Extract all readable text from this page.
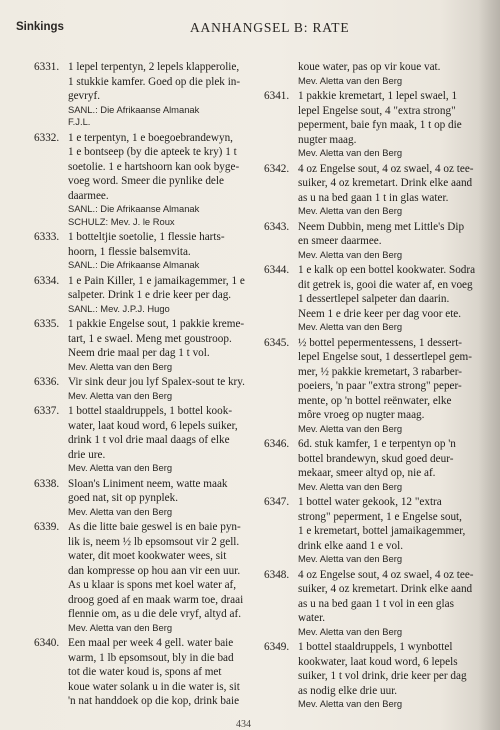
Sinkings	AANHANGSEL B: RATE
6331. 1 lepel terpentyn, 2 lepels klapperolie,
1 stukkie kamfer. Goed op die plek in-
gevryf.
SANL.: Die Afrikaanse Almanak
F.J.L.
6332. 1 e terpentyn, 1 e boegoebrandewyn,
1 e bontseep (by die apteek te kry) 1 t
soetolie. 1 e hartshoorn kan ook byge-
voeg word. Smeer die pynlike dele
daarmee.
SANL.: Die Afrikaanse Almanak
SCHULZ: Mev. J. le Roux
6333. 1 botteltjie soetolie, 1 flessie harts-
hoorn, 1 flessie balsemvita.
SANL.: Die Afrikaanse Almanak
6334. 1 e Pain Killer, 1 e jamaikagemmer, 1 e
salpeter. Drink 1 e drie keer per dag.
SANL.: Mev. J.P.J. Hugo
6335. 1 pakkie Engelse sout, 1 pakkie kreme-
tart, 1 e swael. Meng met goustroop.
Neem drie maal per dag 1 t vol.
Mev. Aletta van den Berg
6336. Vir sink deur jou lyf Spalex-sout te kry.
Mev. Aletta van den Berg
6337. 1 bottel staaldruppels, 1 bottel kook-
water, laat koud word, 6 lepels suiker,
drink 1 t vol drie maal daags of elke
drie ure.
Mev. Aletta van den Berg
6338. Sloan's Liniment neem, watte maak
goed nat, sit op pynplek.
Mev. Aletta van den Berg
6339. As die litte baie geswel is en baie pyn-
lik is, neem ½ lb epsomsout vir 2 gell.
water, dit moet kookwater wees, sit
dan kompresse op hou aan vir een uur.
As u klaar is spons met koel water af,
droog goed af en maak warm toe, draai
flennie om, as u die dele vryf, altyd af.
Mev. Aletta van den Berg
6340. Een maal per week 4 gell. water baie
warm, 1 lb epsomsout, bly in die bad
tot die water koud is, spons af met
koue water solank u in die water is, sit
'n nat handdoek op die kop, drink baie
koue water, pas op vir koue vat.
Mev. Aletta van den Berg
6341. 1 pakkie kremetart, 1 lepel swael, 1
lepel Engelse sout, 4 "extra strong"
peperment, baie fyn maak, 1 t op die
nugter maag.
Mev. Aletta van den Berg
6342. 4 oz Engelse sout, 4 oz swael, 4 oz tee-
suiker, 4 oz kremetart. Drink elke aand
as u na bed gaan 1 t in glas water.
Mev. Aletta van den Berg
6343. Neem Dubbin, meng met Little's Dip
en smeer daarmee.
Mev. Aletta van den Berg
6344. 1 e kalk op een bottel kookwater. Sodra
dit getrek is, gooi die water af, en voeg
1 dessertlepel salpeter dan daarin.
Neem 1 e drie keer per dag voor ete.
Mev. Aletta van den Berg
6345. ½ bottel pepermentessens, 1 dessert-
lepel Engelse sout, 1 dessertlepel gem-
mer, ½ pakkie kremetart, 3 rabarber-
poeiers, 'n paar "extra strong" peper-
mente, op 'n bottel reënwater, elke
môre vroeg op nugter maag.
Mev. Aletta van den Berg
6346. 6d. stuk kamfer, 1 e terpentyn op 'n
bottel brandewyn, skud goed deur-
mekaar, smeer altyd op, nie af.
Mev. Aletta van den Berg
6347. 1 bottel water gekook, 12 "extra
strong" peperment, 1 e Engelse sout,
1 e kremetart, bottel jamaikagemmer,
drink elke aand 1 e vol.
Mev. Aletta van den Berg
6348. 4 oz Engelse sout, 4 oz swael, 4 oz tee-
suiker, 4 oz kremetart. Drink elke aand
as u na bed gaan 1 t vol in een glas
water.
Mev. Aletta van den Berg
6349. 1 bottel staaldruppels, 1 wynbottel
kookwater, laat koud word, 6 lepels
suiker, 1 t vol drink, drie keer per dag
as nodig elke drie uur.
Mev. Aletta van den Berg
434
